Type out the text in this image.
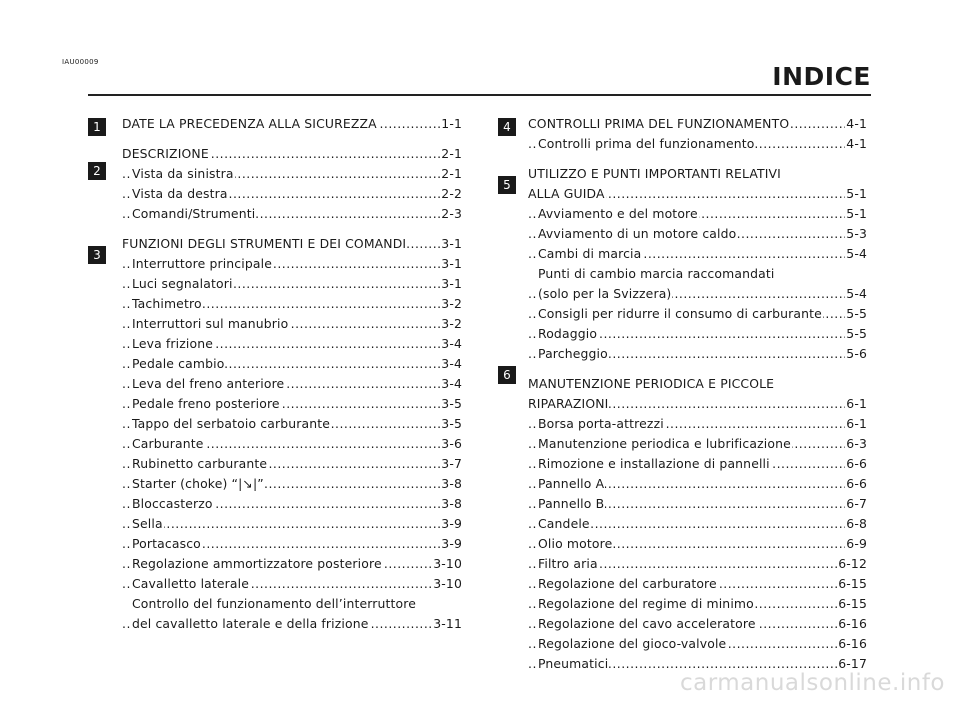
IAU00009	INDICE
1
2
3
4
5
6
..... DATE LA PRECEDENZA ALLA SICUREZZA	1-1
..... DESCRIZIONE	2-1
..... Vista da sinistra	2-1
..... Vista da destra	2-2
..... Comandi/Strumenti	2-3
..... FUNZIONI DEGLI STRUMENTI E DEI COMANDI	3-1
..... Interruttore principale	3-1
..... Luci segnalatori	3-1
..... Tachimetro	3-2
..... Interruttori sul manubrio	3-2
..... Leva frizione	3-4
..... Pedale cambio	3-4
..... Leva del freno anteriore	3-4
..... Pedale freno posteriore	3-5
..... Tappo del serbatoio carburante	3-5
..... Carburante	3-6
..... Rubinetto carburante	3-7
..... Starter (choke) “|↘|”	3-8
..... Bloccasterzo	3-8
..... Sella	3-9
..... Portacasco	3-9
..... Regolazione ammortizzatore posteriore	3-10
..... Cavalletto laterale	3-10
Controllo del funzionamento dell’interruttore
..... del cavalletto laterale e della frizione	3-11
..... CONTROLLI PRIMA DEL FUNZIONAMENTO	4-1
..... Controlli prima del funzionamento	4-1
UTILIZZO E PUNTI IMPORTANTI RELATIVI
..... ALLA GUIDA	5-1
..... Avviamento e del motore	5-1
..... Avviamento di un motore caldo	5-3
..... Cambi di marcia	5-4
Punti di cambio marcia raccomandati
..... (solo per la Svizzera)	5-4
..... Consigli per ridurre il consumo di carburante 5-5
..... Rodaggio	5-5
..... Parcheggio	5-6
MANUTENZIONE PERIODICA E PICCOLE
..... RIPARAZIONI	6-1
..... Borsa porta-attrezzi	6-1
..... Manutenzione periodica e lubrificazione	6-3
..... Rimozione e installazione di pannelli	6-6
..... Pannello A	6-6
..... Pannello B	6-7
..... Candele	6-8
..... Olio motore	6-9
..... Filtro aria	6-12
..... Regolazione del carburatore	6-15
..... Regolazione del regime di minimo	6-15
..... Regolazione del cavo acceleratore	6-16
..... Regolazione del gioco-valvole	6-16
..... Pneumatici	6-17
carmanualsonline.info
